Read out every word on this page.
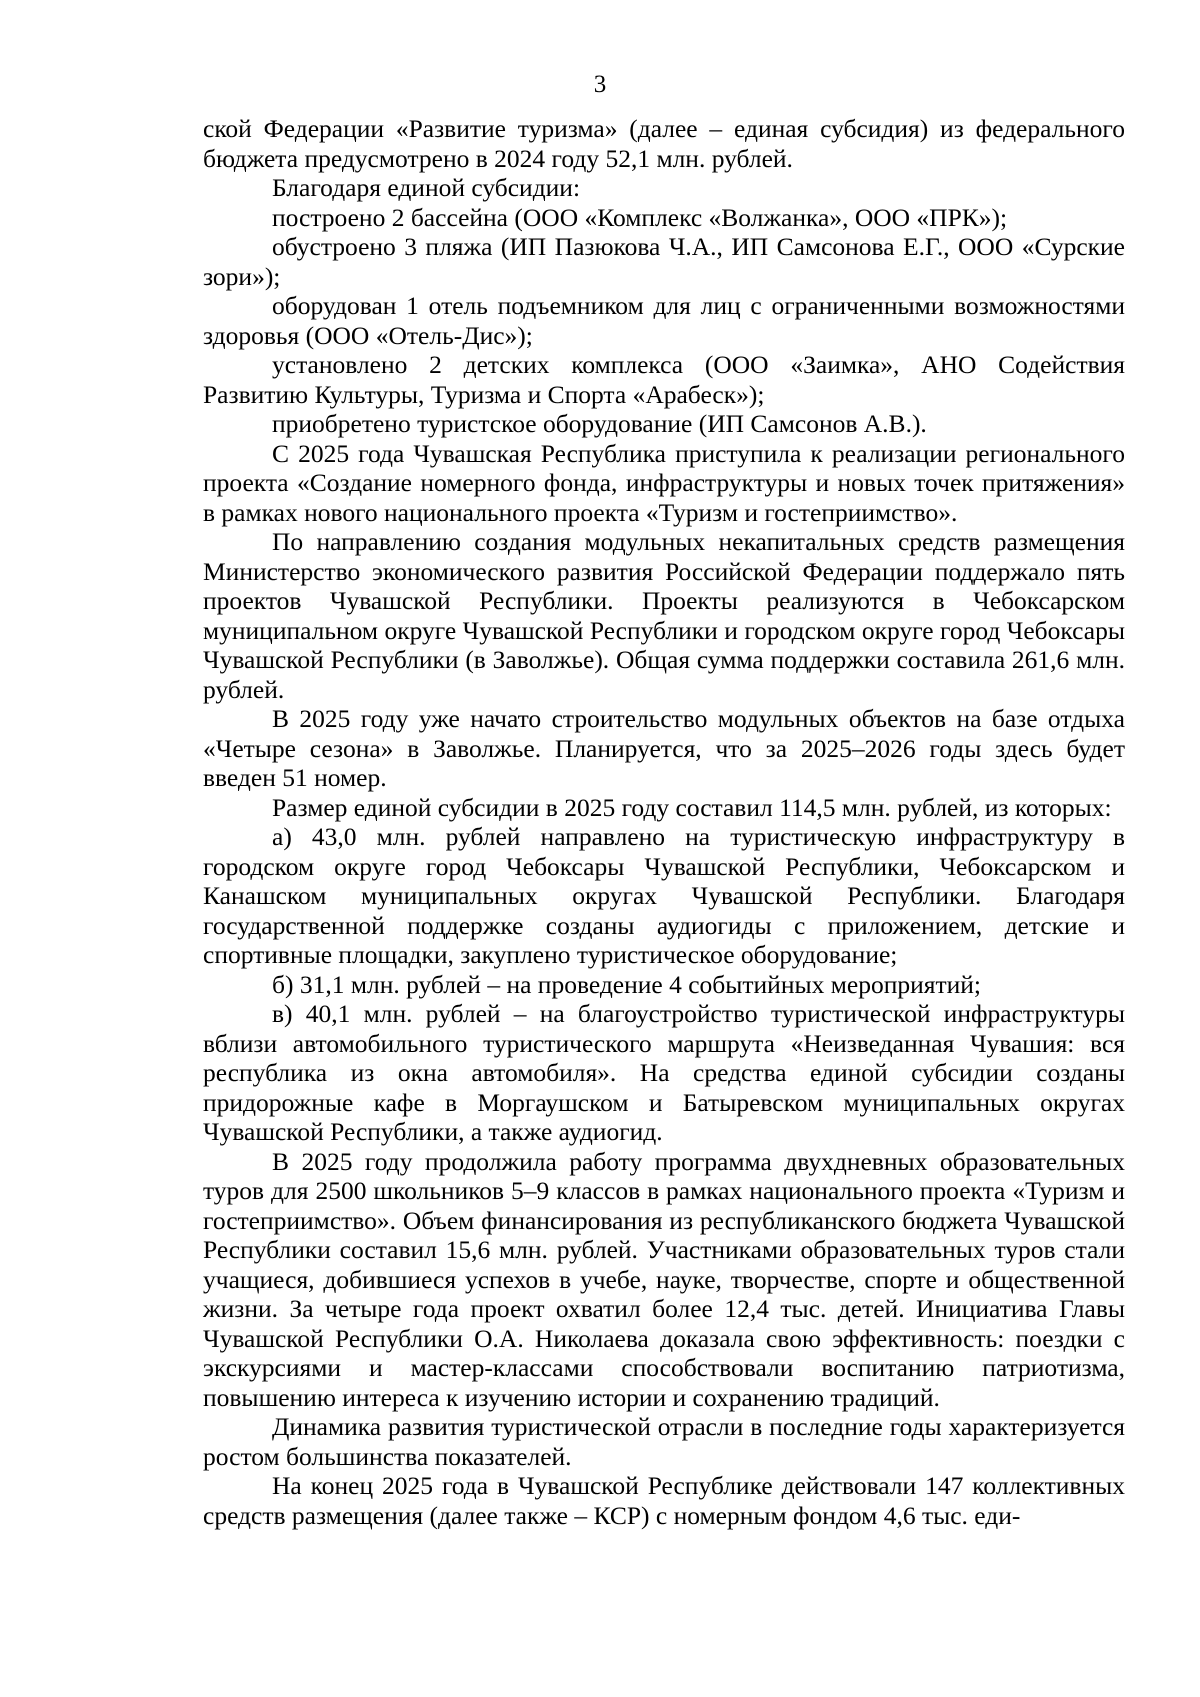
3

ской Федерации «Развитие туризма» (далее – единая субсидия) из федерального бюджета предусмотрено в 2024 году 52,1 млн. рублей.

Благодаря единой субсидии:

построено 2 бассейна (ООО «Комплекс «Волжанка», ООО «ПРК»);

обустроено 3 пляжа (ИП Пазюкова Ч.А., ИП Самсонова Е.Г., ООО «Сурские зори»);

оборудован 1 отель подъемником для лиц с ограниченными возможностями здоровья (ООО «Отель-Дис»);

установлено 2 детских комплекса (ООО «Заимка», АНО Содействия Развитию Культуры, Туризма и Спорта «Арабеск»);

приобретено туристское оборудование (ИП Самсонов А.В.).

С 2025 года Чувашская Республика приступила к реализации регионального проекта «Создание номерного фонда, инфраструктуры и новых точек притяжения» в рамках нового национального проекта «Туризм и гостеприимство».

По направлению создания модульных некапитальных средств размещения Министерство экономического развития Российской Федерации поддержало пять проектов Чувашской Республики. Проекты реализуются в Чебоксарском муниципальном округе Чувашской Республики и городском округе город Чебоксары Чувашской Республики (в Заволжье). Общая сумма поддержки составила 261,6 млн. рублей.

В 2025 году уже начато строительство модульных объектов на базе отдыха «Четыре сезона» в Заволжье. Планируется, что за 2025–2026 годы здесь будет введен 51 номер.

Размер единой субсидии в 2025 году составил 114,5 млн. рублей, из которых:

а) 43,0 млн. рублей направлено на туристическую инфраструктуру в городском округе город Чебоксары Чувашской Республики, Чебоксарском и Канашском муниципальных округах Чувашской Республики. Благодаря государственной поддержке созданы аудиогиды с приложением, детские и спортивные площадки, закуплено туристическое оборудование;

б) 31,1 млн. рублей – на проведение 4 событийных мероприятий;

в) 40,1 млн. рублей – на благоустройство туристической инфраструктуры вблизи автомобильного туристического маршрута «Неизведанная Чувашия: вся республика из окна автомобиля». На средства единой субсидии созданы придорожные кафе в Моргаушском и Батыревском муниципальных округах Чувашской Республики, а также аудиогид.

В 2025 году продолжила работу программа двухдневных образовательных туров для 2500 школьников 5–9 классов в рамках национального проекта «Туризм и гостеприимство». Объем финансирования из республиканского бюджета Чувашской Республики составил 15,6 млн. рублей. Участниками образовательных туров стали учащиеся, добившиеся успехов в учебе, науке, творчестве, спорте и общественной жизни. За четыре года проект охватил более 12,4 тыс. детей. Инициатива Главы Чувашской Республики О.А. Николаева доказала свою эффективность: поездки с экскурсиями и мастер-классами способствовали воспитанию патриотизма, повышению интереса к изучению истории и сохранению традиций.

Динамика развития туристической отрасли в последние годы характеризуется ростом большинства показателей.

На конец 2025 года в Чувашской Республике действовали 147 коллективных средств размещения (далее также – КСР) с номерным фондом 4,6 тыс. еди-
